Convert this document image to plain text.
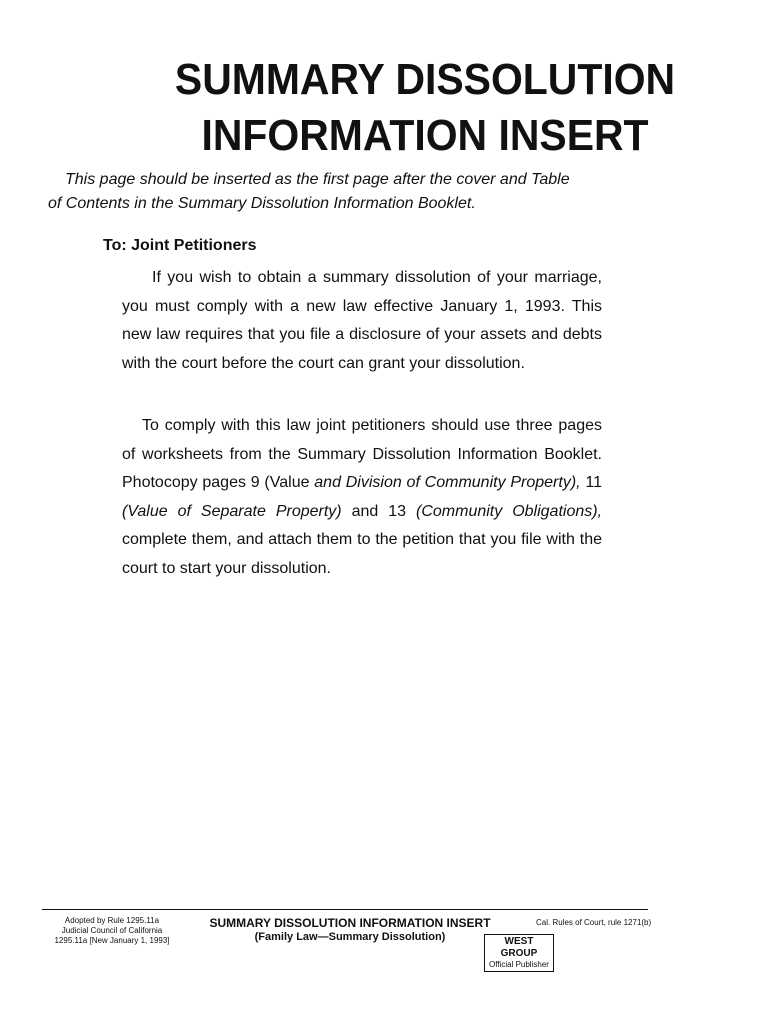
SUMMARY DISSOLUTION
INFORMATION INSERT
This page should be inserted as the first page after the cover and Table
of Contents in the Summary Dissolution Information Booklet.
To: Joint Petitioners
If you wish to obtain a summary dissolution of your marriage, you must comply with a new law effective January 1, 1993. This new law requires that you file a disclosure of your assets and debts with the court before the court can grant your dissolution.
To comply with this law joint petitioners should use three pages of worksheets from the Summary Dissolution Information Booklet. Photocopy pages 9 (Value and Division of Community Property), 11 (Value of Separate Property) and 13 (Community Obligations), complete them, and attach them to the petition that you file with the court to start your dissolution.
Adopted by Rule 1295.11a
Judicial Council of California
1295.11a [New January 1, 1993]
SUMMARY DISSOLUTION INFORMATION INSERT
(Family Law—Summary Dissolution)
Cal. Rules of Court, rule 1271(b)
WEST GROUP
Official Publisher
